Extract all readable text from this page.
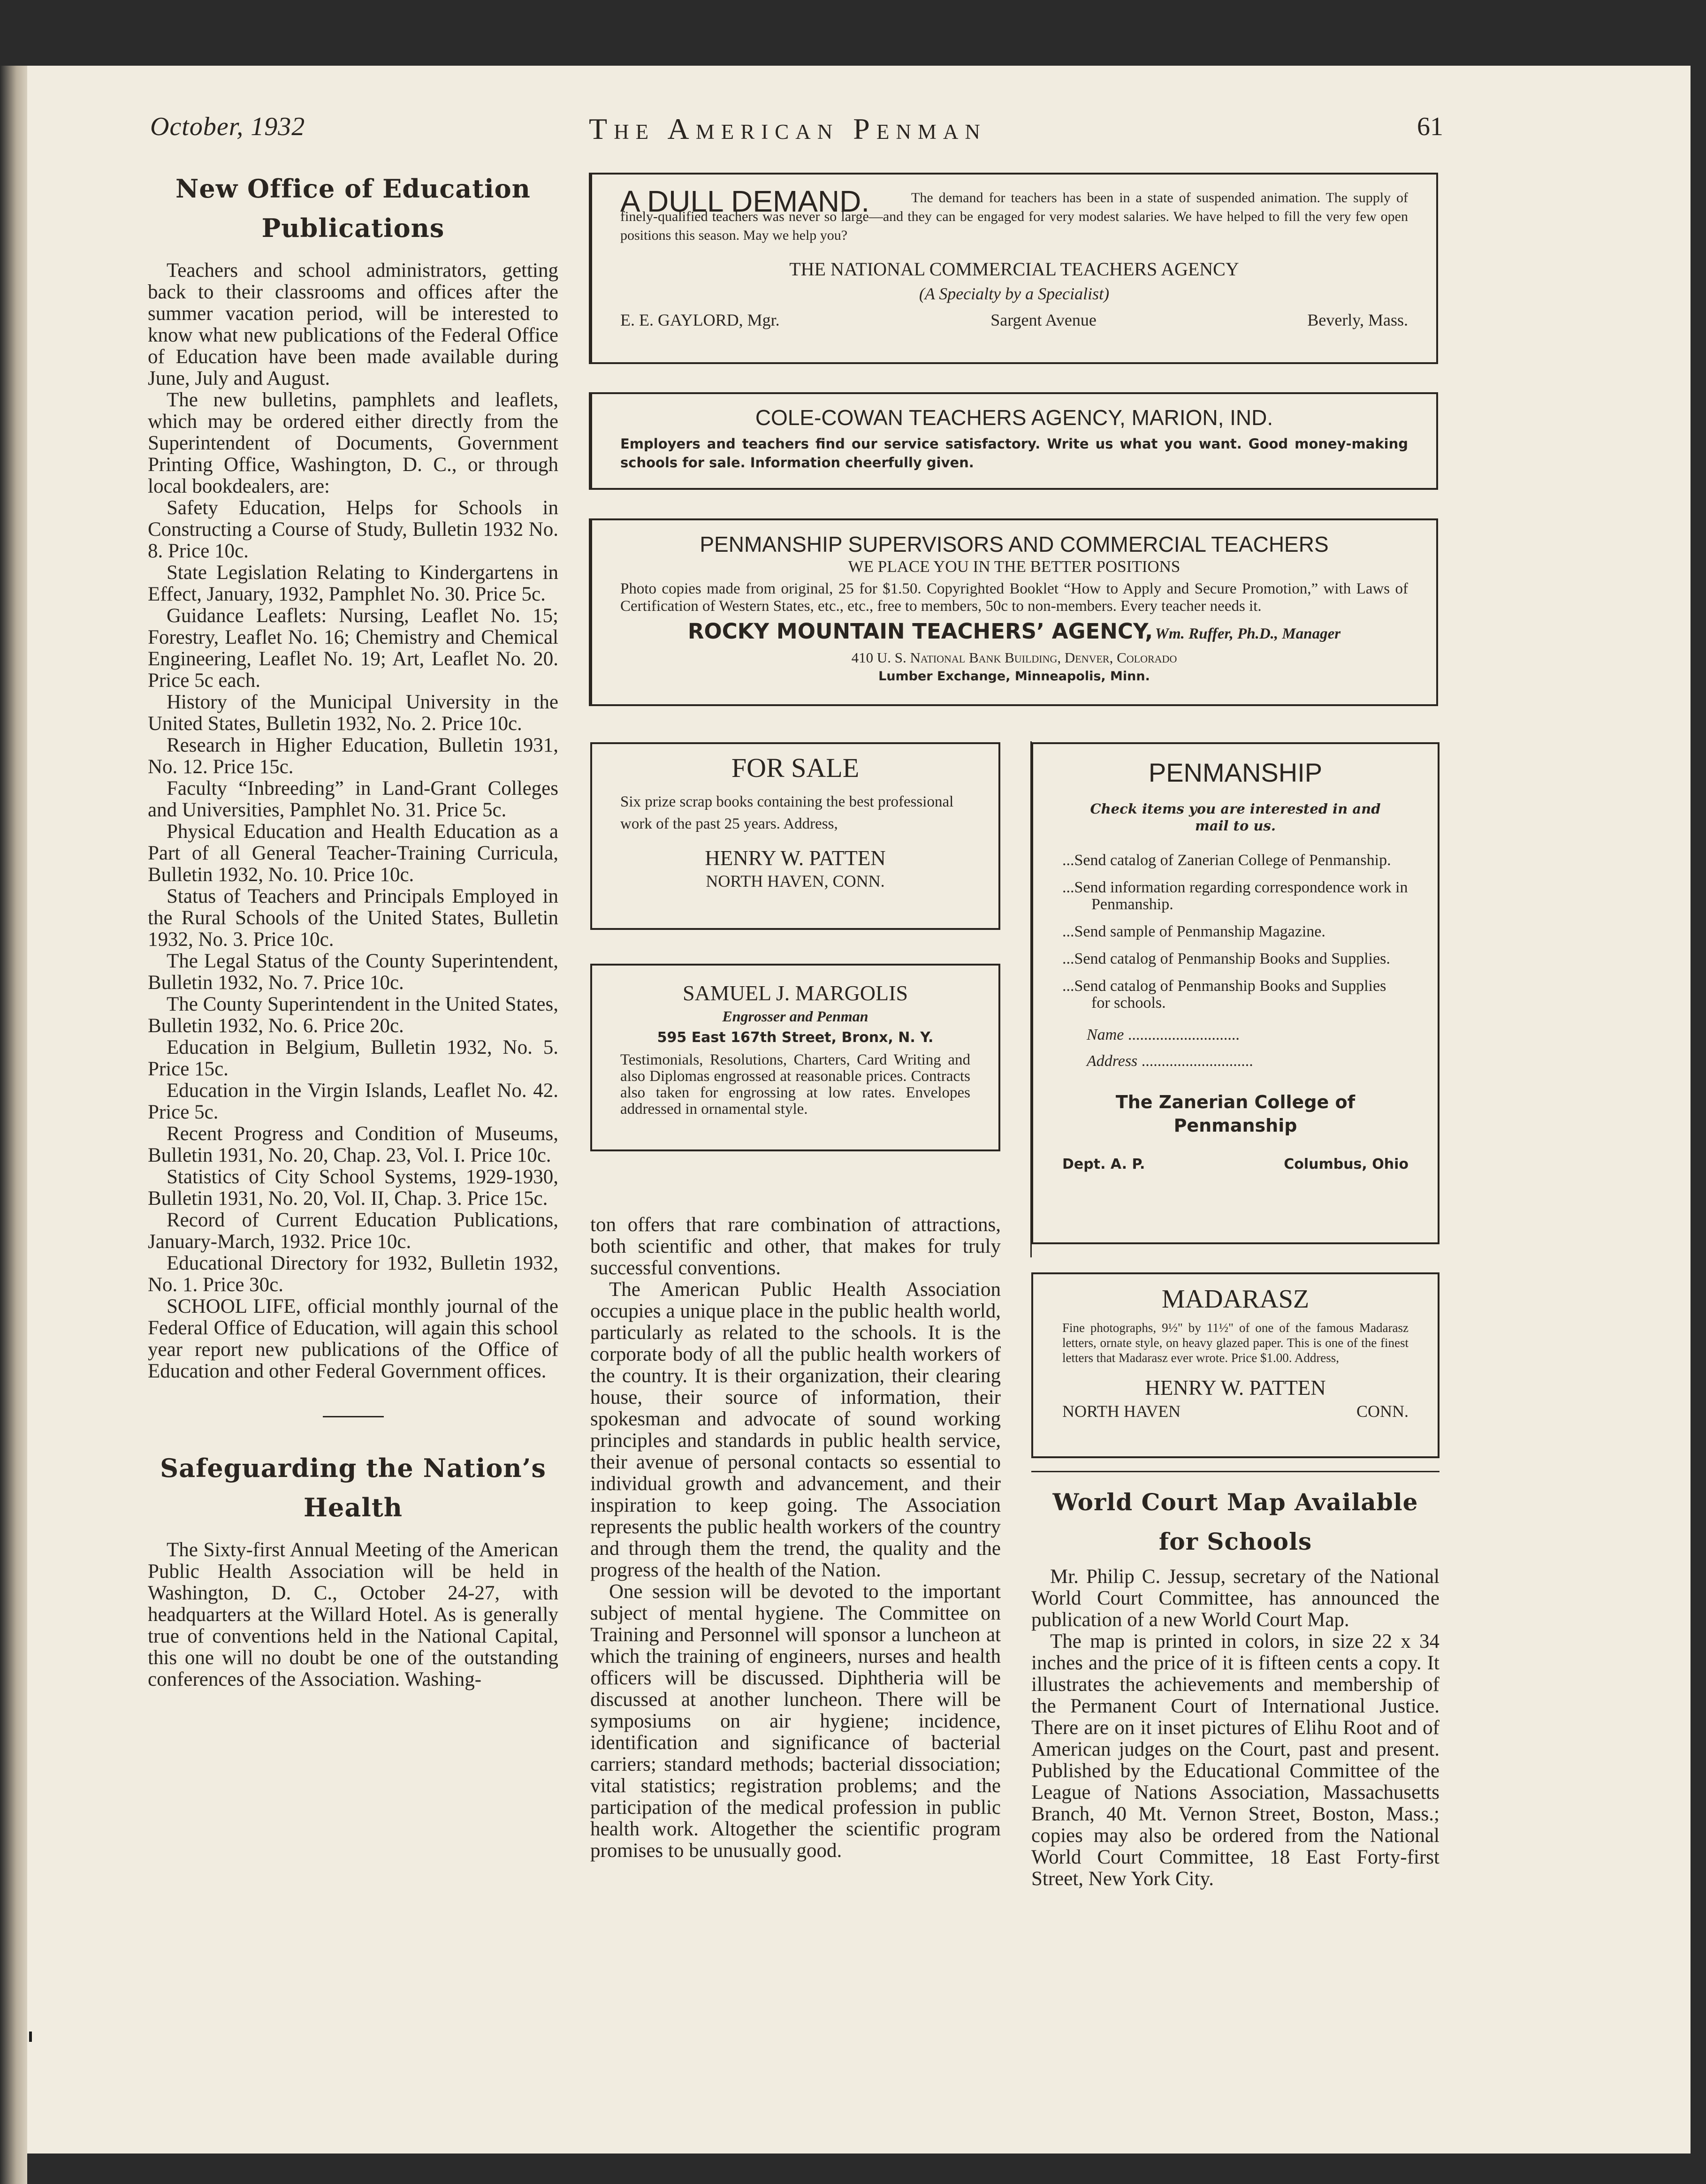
October, 1932	The American Penman	61
New Office of Education
Publications

Teachers and school administrators, getting back to their classrooms and offices after the summer vacation period, will be interested to know what new publications of the Federal Office of Education have been made available during June, July and August.

The new bulletins, pamphlets and leaflets, which may be ordered either directly from the Superintendent of Documents, Government Printing Office, Washington, D. C., or through local bookdealers, are:

Safety Education, Helps for Schools in Constructing a Course of Study, Bulletin 1932 No. 8. Price 10c.

State Legislation Relating to Kindergartens in Effect, January, 1932, Pamphlet No. 30. Price 5c.

Guidance Leaflets: Nursing, Leaflet No. 15; Forestry, Leaflet No. 16; Chemistry and Chemical Engineering, Leaflet No. 19; Art, Leaflet No. 20. Price 5c each.

History of the Municipal University in the United States, Bulletin 1932, No. 2. Price 10c.

Research in Higher Education, Bulletin 1931, No. 12. Price 15c.

Faculty “Inbreeding” in Land-Grant Colleges and Universities, Pamphlet No. 31. Price 5c.

Physical Education and Health Education as a Part of all General Teacher-Training Curricula, Bulletin 1932, No. 10. Price 10c.

Status of Teachers and Principals Employed in the Rural Schools of the United States, Bulletin 1932, No. 3. Price 10c.

The Legal Status of the County Superintendent, Bulletin 1932, No. 7. Price 10c.

The County Superintendent in the United States, Bulletin 1932, No. 6. Price 20c.

Education in Belgium, Bulletin 1932, No. 5. Price 15c.

Education in the Virgin Islands, Leaflet No. 42. Price 5c.

Recent Progress and Condition of Museums, Bulletin 1931, No. 20, Chap. 23, Vol. I. Price 10c.

Statistics of City School Systems, 1929-1930, Bulletin 1931, No. 20, Vol. II, Chap. 3. Price 15c.

Record of Current Education Publications, January-March, 1932. Price 10c.

Educational Directory for 1932, Bulletin 1932, No. 1. Price 30c.

SCHOOL LIFE, official monthly journal of the Federal Office of Education, will again this school year report new publications of the Office of Education and other Federal Government offices.

Safeguarding the Nation’s
Health

The Sixty-first Annual Meeting of the American Public Health Association will be held in Washington, D. C., October 24-27, with headquarters at the Willard Hotel. As is generally true of conventions held in the National Capital, this one will no doubt be one of the outstanding conferences of the Association. Washing-

A DULL DEMAND.	The demand for teachers has been in a state of suspended animation. The supply of finely-qualified teachers was never so large—and they can be engaged for very modest salaries. We have helped to fill the very few open positions this season. May we help you?
THE NATIONAL COMMERCIAL TEACHERS AGENCY
(A Specialty by a Specialist)
E. E. GAYLORD, Mgr.	Sargent Avenue	Beverly, Mass.
COLE-COWAN TEACHERS AGENCY, MARION, IND.
Employers and teachers find our service satisfactory. Write us what you want. Good money-making schools for sale. Information cheerfully given.
PENMANSHIP SUPERVISORS AND COMMERCIAL TEACHERS
WE PLACE YOU IN THE BETTER POSITIONS
Photo copies made from original, 25 for $1.50. Copyrighted Booklet “How to Apply and Secure Promotion,” with Laws of Certification of Western States, etc., etc., free to members, 50c to non-members. Every teacher needs it.
ROCKY MOUNTAIN TEACHERS’ AGENCY, Wm. Ruffer, Ph.D., Manager
410 U. S. National Bank Building, Denver, Colorado
Lumber Exchange, Minneapolis, Minn.
FOR SALE
Six prize scrap books containing the best professional work of the past 25 years. Address,
HENRY W. PATTEN
NORTH HAVEN, CONN.
SAMUEL J. MARGOLIS
Engrosser and Penman
595 East 167th Street, Bronx, N. Y.
Testimonials, Resolutions, Charters, Card Writing and also Diplomas engrossed at reasonable prices. Contracts also taken for engrossing at low rates. Envelopes addressed in ornamental style.

ton offers that rare combination of attractions, both scientific and other, that makes for truly successful conventions.

The American Public Health Association occupies a unique place in the public health world, particularly as related to the schools. It is the corporate body of all the public health workers of the country. It is their organization, their clearing house, their source of information, their spokesman and advocate of sound working principles and standards in public health service, their avenue of personal contacts so essential to individual growth and advancement, and their inspiration to keep going. The Association represents the public health workers of the country and through them the trend, the quality and the progress of the health of the Nation.

One session will be devoted to the important subject of mental hygiene. The Committee on Training and Personnel will sponsor a luncheon at which the training of engineers, nurses and health officers will be discussed. Diphtheria will be discussed at another luncheon. There will be symposiums on air hygiene; incidence, identification and significance of bacterial carriers; standard methods; bacterial dissociation; vital statistics; registration problems; and the participation of the medical profession in public health work. Altogether the scientific program promises to be unusually good.

PENMANSHIP
Check items you are interested in and mail to us.
...Send catalog of Zanerian College of Penmanship.
...Send information regarding correspondence work in Penmanship.
...Send sample of Penmanship Magazine.
...Send catalog of Penmanship Books and Supplies.
...Send catalog of Penmanship Books and Supplies for schools.
Name ............................
Address ............................
The Zanerian College of
Penmanship
Dept. A. P.	Columbus, Ohio
MADARASZ
Fine photographs, 9½" by 11½" of one of the famous Madarasz letters, ornate style, on heavy glazed paper. This is one of the finest letters that Madarasz ever wrote. Price $1.00. Address,
HENRY W. PATTEN
NORTH HAVEN	CONN.
World Court Map Available
for Schools

Mr. Philip C. Jessup, secretary of the National World Court Committee, has announced the publication of a new World Court Map.

The map is printed in colors, in size 22 x 34 inches and the price of it is fifteen cents a copy. It illustrates the achievements and membership of the Permanent Court of International Justice. There are on it inset pictures of Elihu Root and of American judges on the Court, past and present. Published by the Educational Committee of the League of Nations Association, Massachusetts Branch, 40 Mt. Vernon Street, Boston, Mass.; copies may also be ordered from the National World Court Committee, 18 East Forty-first Street, New York City.
